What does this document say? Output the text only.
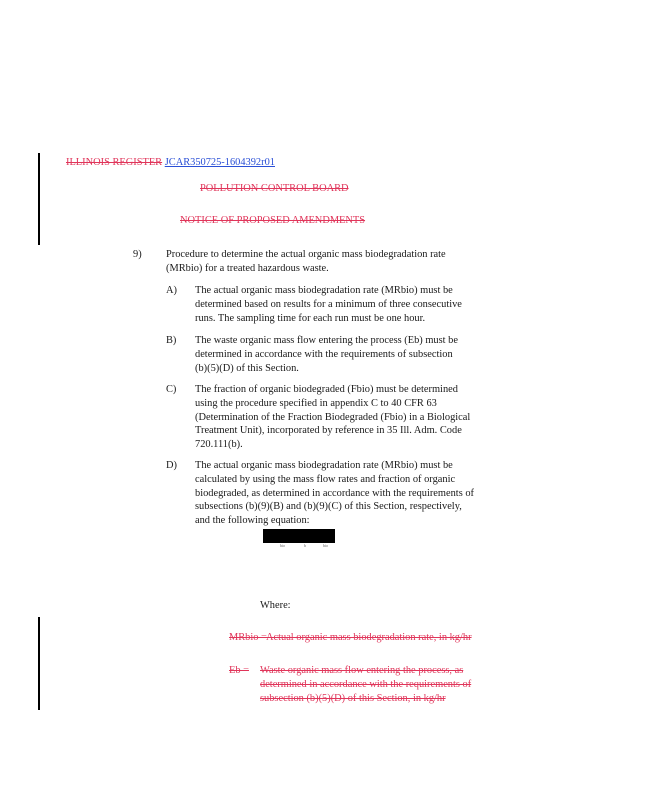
ILLINOIS REGISTER JCAR350725-1604392r01
POLLUTION CONTROL BOARD
NOTICE OF PROPOSED AMENDMENTS
9) Procedure to determine the actual organic mass biodegradation rate
(MRbio) for a treated hazardous waste.
A) The actual organic mass biodegradation rate (MRbio) must be
determined based on results for a minimum of three consecutive
runs. The sampling time for each run must be one hour.
B) The waste organic mass flow entering the process (Eb) must be
determined in accordance with the requirements of subsection
(b)(5)(D) of this Section.
C) The fraction of organic biodegraded (Fbio) must be determined
using the procedure specified in appendix C to 40 CFR 63
(Determination of the Fraction Biodegraded (Fbio) in a Biological
Treatment Unit), incorporated by reference in 35 Ill. Adm. Code
720.111(b).
D) The actual organic mass biodegradation rate (MRbio) must be
calculated by using the mass flow rates and fraction of organic
biodegraded, as determined in accordance with the requirements of
subsections (b)(9)(B) and (b)(9)(C) of this Section, respectively,
and the following equation:
bio	b	bio
Where:
MRbio = Actual organic mass biodegradation rate, in kg/hr
Eb = Waste organic mass flow entering the process, as
determined in accordance with the requirements of
subsection (b)(5)(D) of this Section, in kg/hr
